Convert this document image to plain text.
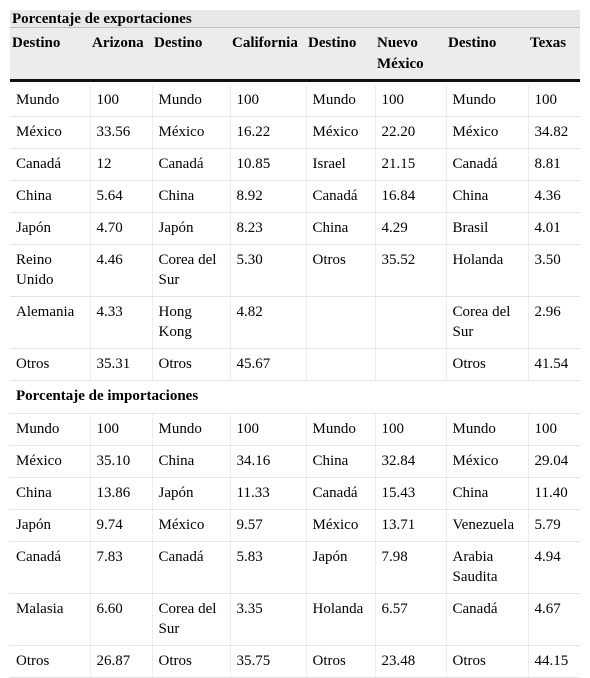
Porcentaje de exportaciones							
Destino	Arizona	Destino	California	Destino	Nuevo México	Destino	Texas

Mundo	100	Mundo	100	Mundo	100	Mundo	100
México	33.56	México	16.22	México	22.20	México	34.82
Canadá	12	Canadá	10.85	Israel	21.15	Canadá	8.81
China	5.64	China	8.92	Canadá	16.84	China	4.36
Japón	4.70	Japón	8.23	China	4.29	Brasil	4.01
Reino Unido	4.46	Corea del Sur	5.30	Otros	35.52	Holanda	3.50
Alemania	4.33	Hong Kong	4.82			Corea del Sur	2.96
Otros	35.31	Otros	45.67			Otros	41.54
Porcentaje de importaciones							
Mundo	100	Mundo	100	Mundo	100	Mundo	100
México	35.10	China	34.16	China	32.84	México	29.04
China	13.86	Japón	11.33	Canadá	15.43	China	11.40
Japón	9.74	México	9.57	México	13.71	Venezuela	5.79
Canadá	7.83	Canadá	5.83	Japón	7.98	Arabia Saudita	4.94
Malasia	6.60	Corea del Sur	3.35	Holanda	6.57	Canadá	4.67
Otros	26.87	Otros	35.75	Otros	23.48	Otros	44.15
